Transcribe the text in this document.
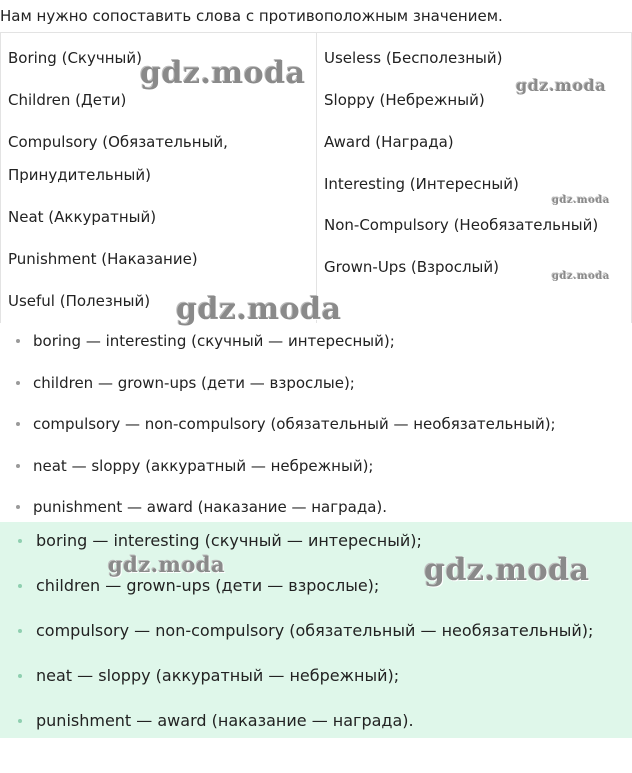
Нам нужно сопоставить слова с противоположным значением.
Boring (Скучный)
Children (Дети)
Compulsory (Обязательный,
Принудительный)
Neat (Аккуратный)
Punishment (Наказание)
Useful (Полезный)
Useless (Бесполезный)
Sloppy (Небрежный)
Award (Награда)
Interesting (Интересный)
Non-Compulsory (Необязательный)
Grown-Ups (Взрослый)
boring — interesting (скучный — интересный);
children — grown-ups (дети — взрослые);
compulsory — non-compulsory (обязательный — необязательный);
neat — sloppy (аккуратный — небрежный);
punishment — award (наказание — награда).
boring — interesting (скучный — интересный);
children — grown-ups (дети — взрослые);
compulsory — non-compulsory (обязательный — необязательный);
neat — sloppy (аккуратный — небрежный);
punishment — award (наказание — награда).
gdz.moda	gdz.moda
gdz.moda
gdz.moda
gdz.moda
gdz.moda	gdz.moda
